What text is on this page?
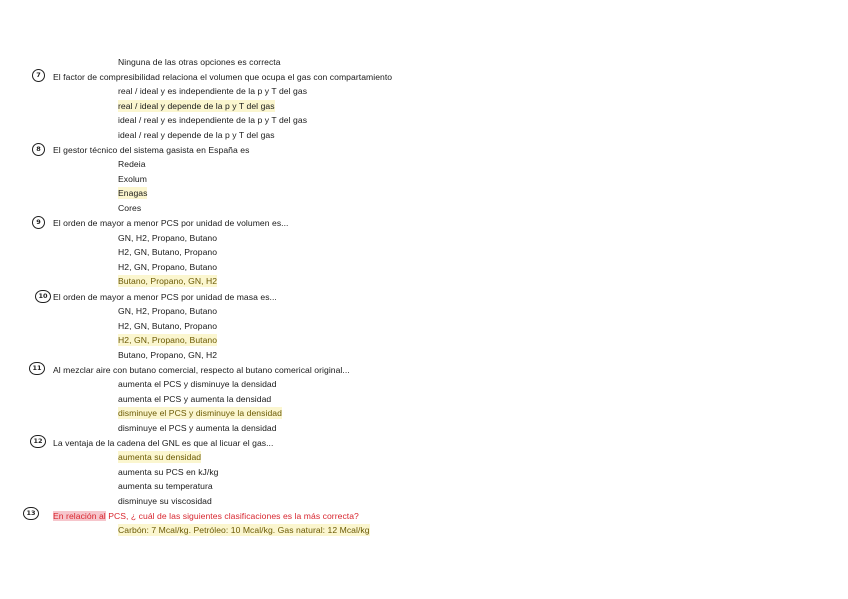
Ninguna de las otras opciones es correcta
7	El factor de compresibilidad relaciona el volumen que ocupa el gas con compartamiento
real / ideal y es independiente de la p y T del gas
real / ideal y depende de la p y T del gas
ideal / real y es independiente de la p y T del gas
ideal / real y depende de la p y T del gas
8	El gestor técnico del sistema gasista en España es
Redeia
Exolum
Enagas
Cores
9	El orden de mayor a menor PCS por unidad de volumen es...
GN, H2, Propano, Butano
H2, GN, Butano, Propano
H2, GN, Propano, Butano
Butano, Propano, GN, H2
10 El orden de mayor a menor PCS por unidad de masa es...
GN, H2, Propano, Butano
H2, GN, Butano, Propano
H2, GN, Propano, Butano
Butano, Propano, GN, H2
11	Al mezclar aire con butano comercial, respecto al butano comerical original...
aumenta el PCS y disminuye la densidad
aumenta el PCS y aumenta la densidad
disminuye el PCS y disminuye la densidad
disminuye el PCS y aumenta la densidad
12	La ventaja de la cadena del GNL es que al licuar el gas...
aumenta su densidad
aumenta su PCS en kJ/kg
aumenta su temperatura
disminuye su viscosidad
13	En relación al PCS, ¿ cuál de las siguientes clasificaciones es la más correcta?
Carbón: 7 Mcal/kg. Petróleo: 10 Mcal/kg. Gas natural: 12 Mcal/kg
